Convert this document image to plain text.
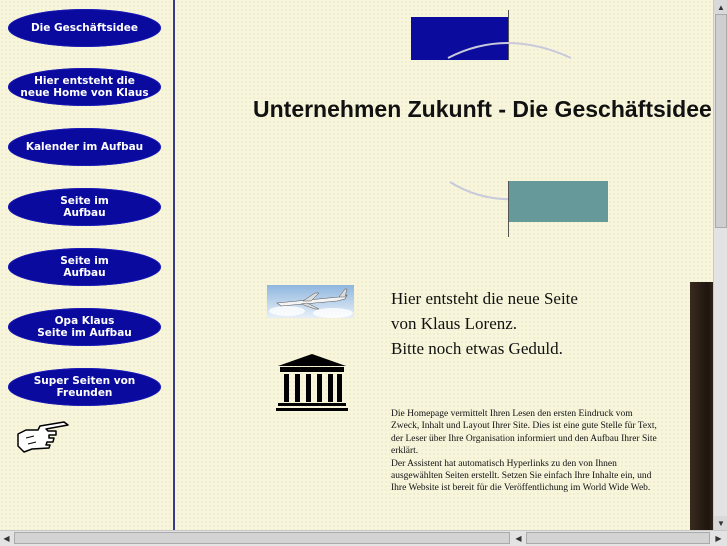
Die Geschäftsidee
Hier entsteht die
neue Home von Klaus
Kalender im Aufbau
Seite im
Aufbau
Seite im
Aufbau
Opa Klaus
Seite im Aufbau
Super Seiten von
Freunden
Unternehmen Zukunft - Die Geschäftsidee
Hier entsteht die neue Seite
von Klaus Lorenz.
Bitte noch etwas Geduld.
Die Homepage vermittelt Ihren Lesen den ersten Eindruck vom Zweck, Inhalt und Layout Ihrer Site. Dies ist eine gute Stelle für Text, der Leser über Ihre Organisation informiert und den Aufbau Ihrer Site erklärt.
Der Assistent hat automatisch Hyperlinks zu den von Ihnen ausgewählten Seiten erstellt. Setzen Sie einfach Ihre Inhalte ein, und Ihre Website ist bereit für die Veröffentlichung im World Wide Web.
▲
▼
◀	◀	▶
